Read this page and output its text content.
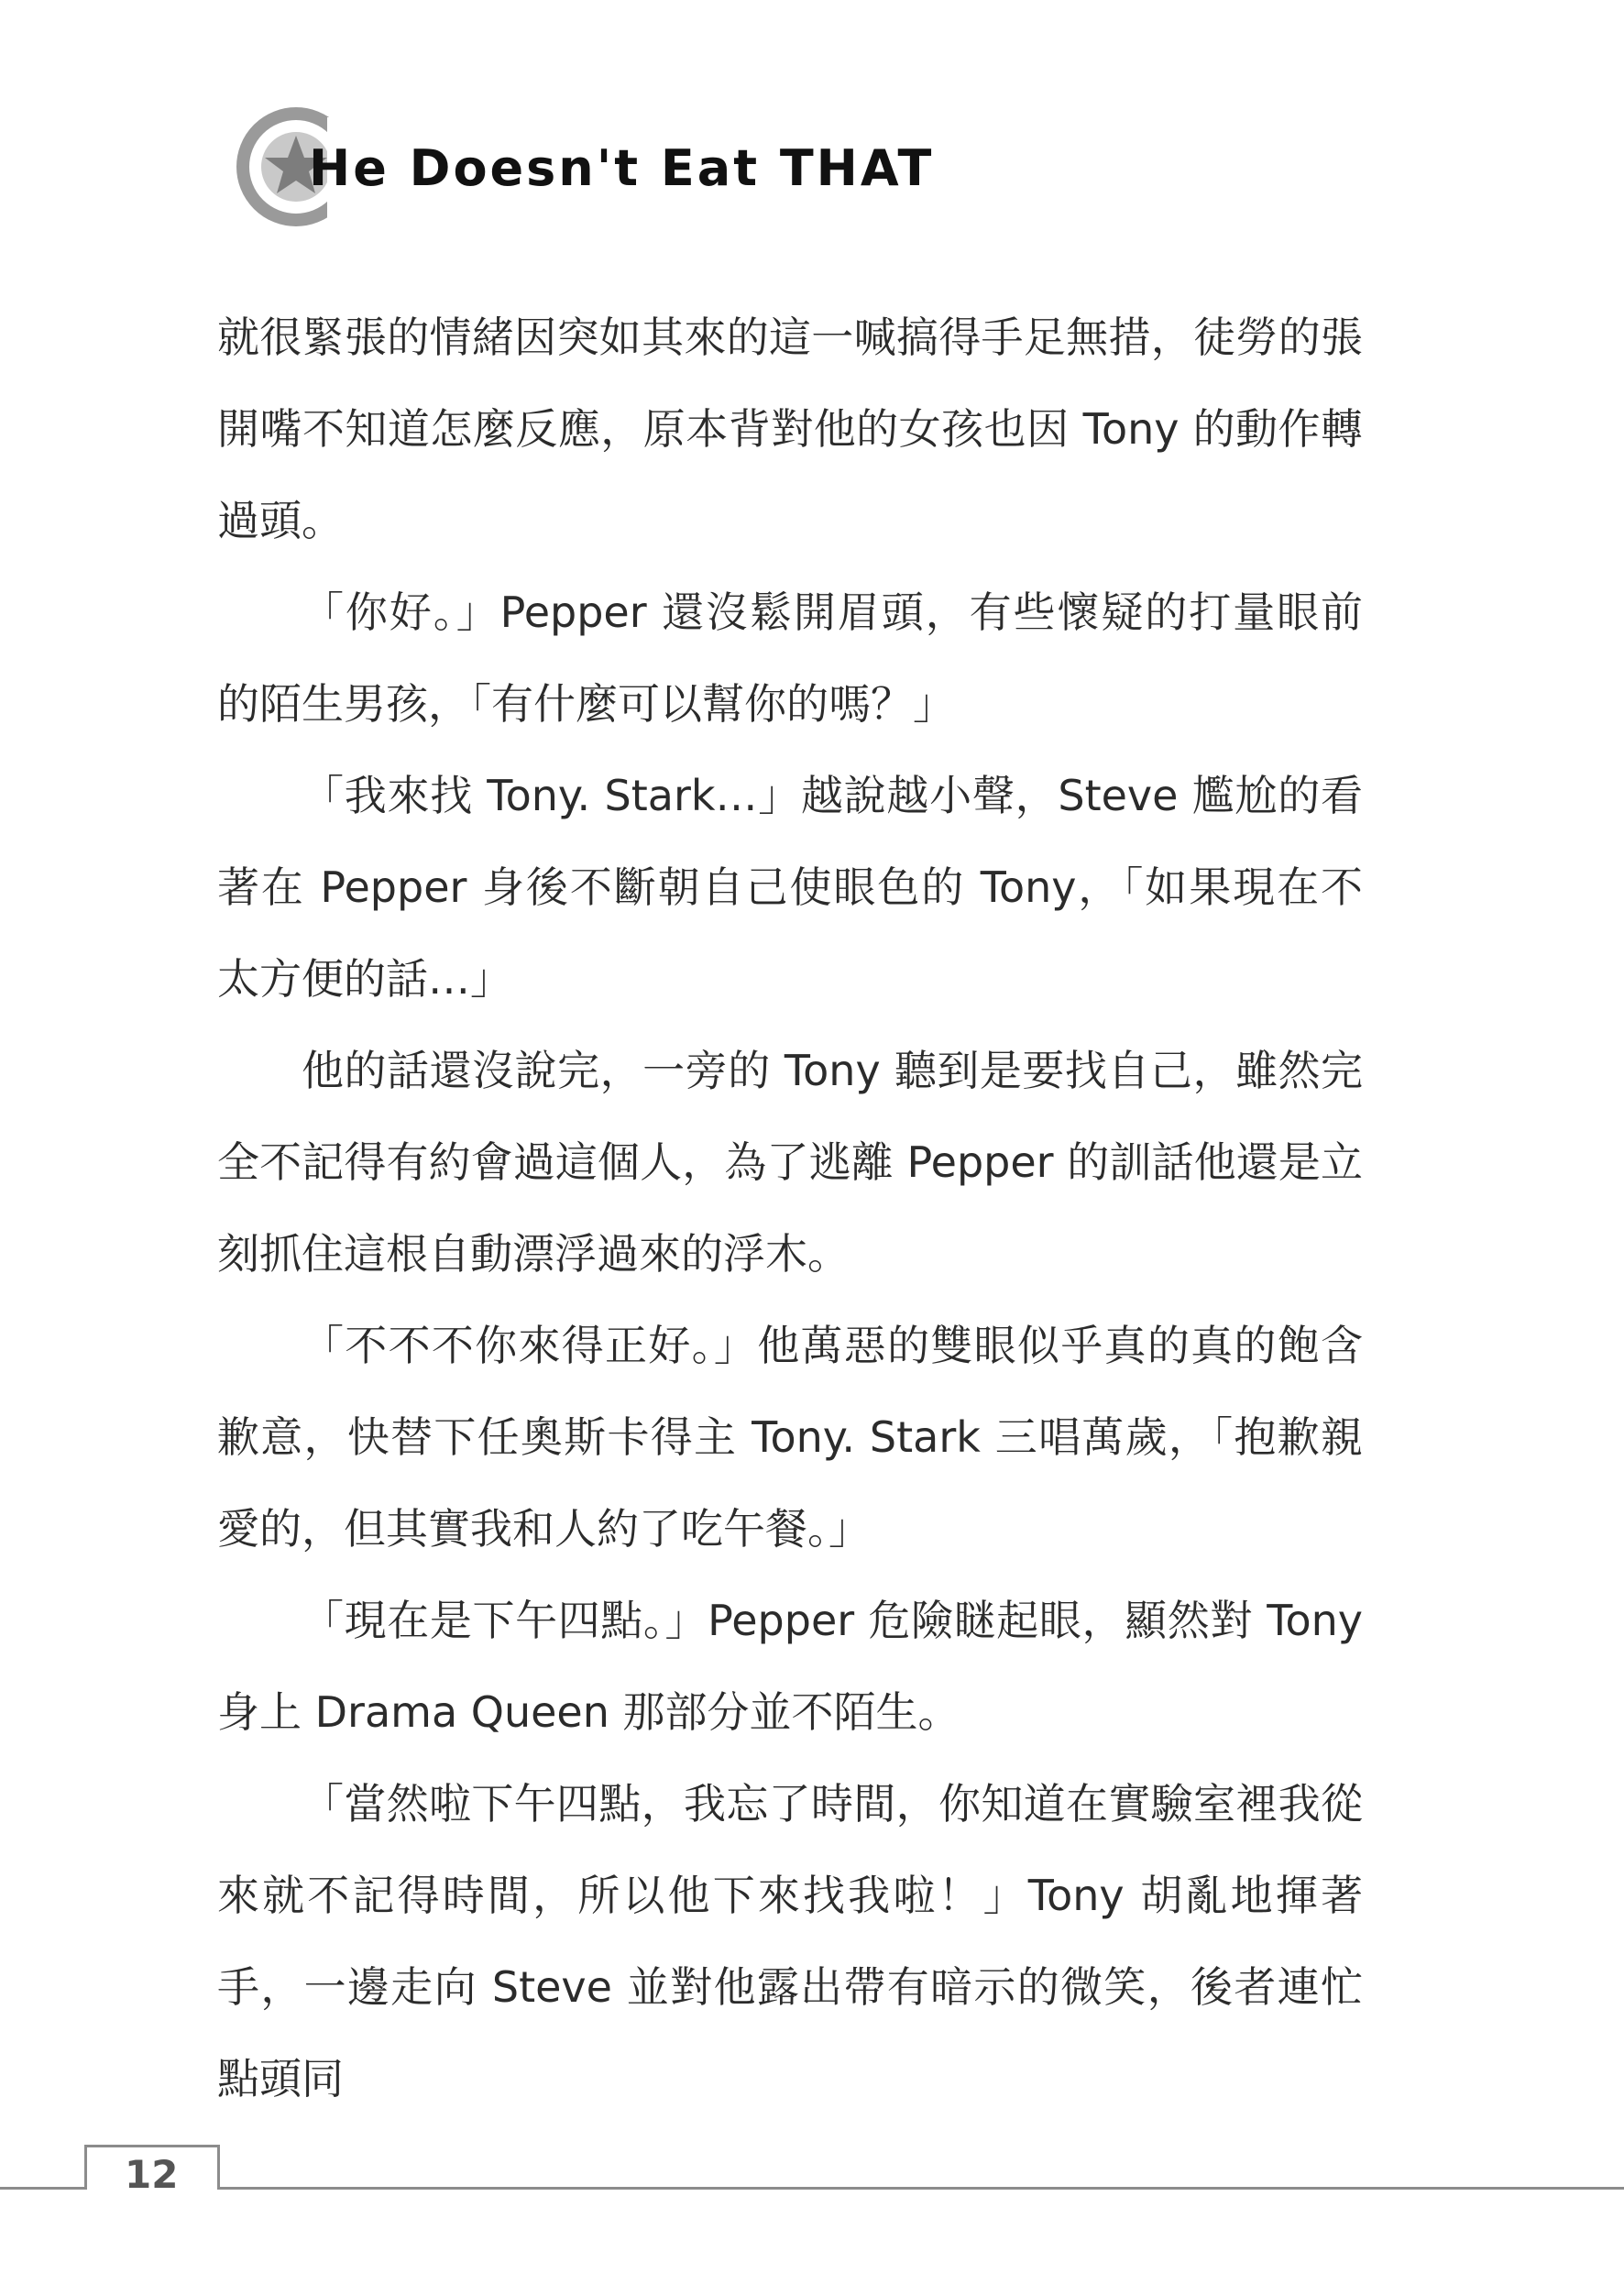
He Doesn't Eat THAT

就很緊張的情緒因突如其來的這一喊搞得手足無措，徒勞的張開嘴不知道怎麼反應，原本背對他的女孩也因 Tony 的動作轉過頭。

「你好。」Pepper 還沒鬆開眉頭，有些懷疑的打量眼前的陌生男孩，「有什麼可以幫你的嗎？」

「我來找 Tony. Stark…」越說越小聲，Steve 尷尬的看著在 Pepper 身後不斷朝自己使眼色的 Tony，「如果現在不太方便的話…」

他的話還沒說完，一旁的 Tony 聽到是要找自己，雖然完全不記得有約會過這個人，為了逃離 Pepper 的訓話他還是立刻抓住這根自動漂浮過來的浮木。

「不不不你來得正好。」他萬惡的雙眼似乎真的真的飽含歉意，快替下任奧斯卡得主 Tony. Stark 三唱萬歲，「抱歉親愛的，但其實我和人約了吃午餐。」

「現在是下午四點。」Pepper 危險瞇起眼，顯然對 Tony 身上 Drama Queen 那部分並不陌生。

「當然啦下午四點，我忘了時間，你知道在實驗室裡我從來就不記得時間，所以他下來找我啦！」Tony 胡亂地揮著手，一邊走向 Steve 並對他露出帶有暗示的微笑，後者連忙點頭同

12
